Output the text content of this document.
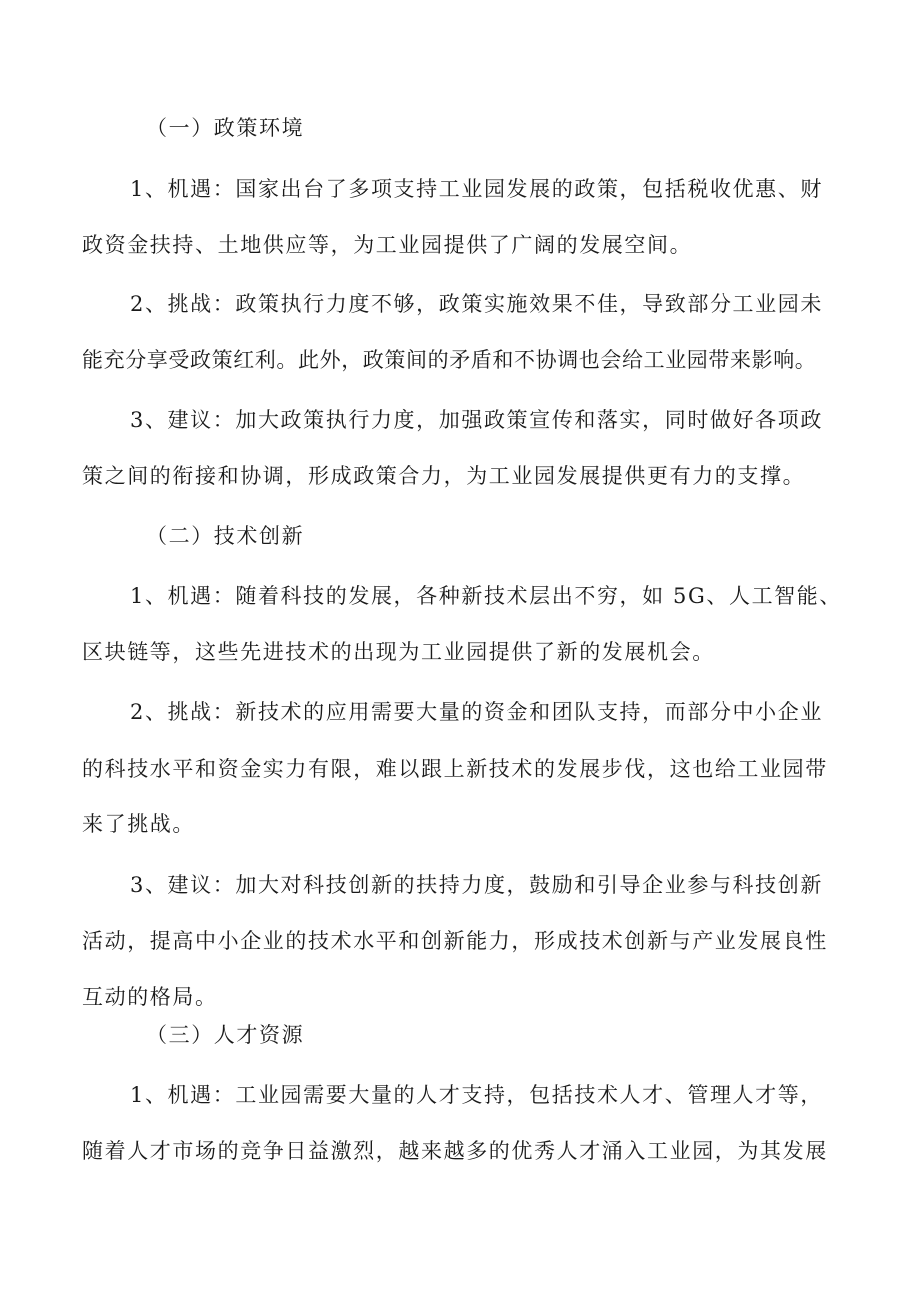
（一）政策环境
1、机遇：国家出台了多项支持工业园发展的政策，包括税收优惠、财
政资金扶持、土地供应等，为工业园提供了广阔的发展空间。
2、挑战：政策执行力度不够，政策实施效果不佳，导致部分工业园未
能充分享受政策红利。此外，政策间的矛盾和不协调也会给工业园带来影响。
3、建议：加大政策执行力度，加强政策宣传和落实，同时做好各项政
策之间的衔接和协调，形成政策合力，为工业园发展提供更有力的支撑。
（二）技术创新
1、机遇：随着科技的发展，各种新技术层出不穷，如 5G、人工智能、
区块链等，这些先进技术的出现为工业园提供了新的发展机会。
2、挑战：新技术的应用需要大量的资金和团队支持，而部分中小企业
的科技水平和资金实力有限，难以跟上新技术的发展步伐，这也给工业园带
来了挑战。
3、建议：加大对科技创新的扶持力度，鼓励和引导企业参与科技创新
活动，提高中小企业的技术水平和创新能力，形成技术创新与产业发展良性
互动的格局。
（三）人才资源
1、机遇：工业园需要大量的人才支持，包括技术人才、管理人才等，
随着人才市场的竞争日益激烈，越来越多的优秀人才涌入工业园，为其发展
